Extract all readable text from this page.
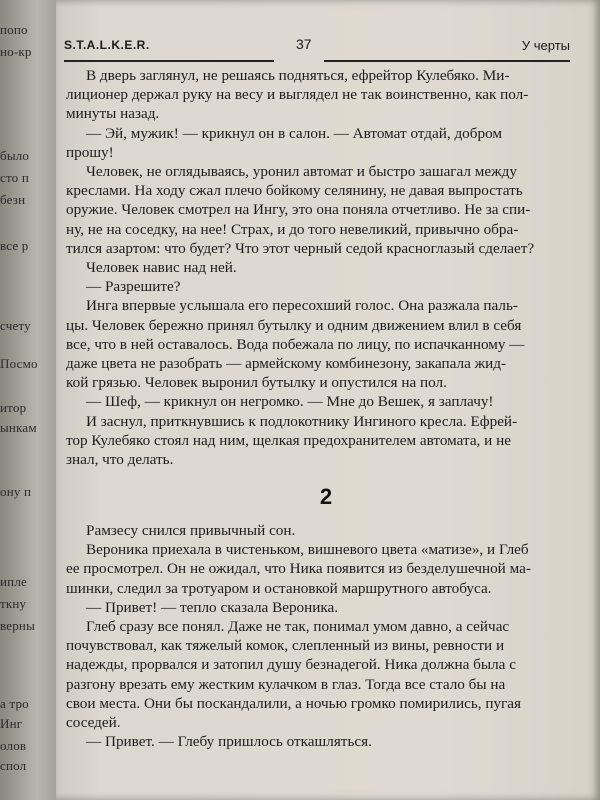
попо
но-кр
было
сто п
безн
все р
счету
Посмо
итор
ынкам
ону п
ипле
ткну
верны
а тро
Инг
олов
спол
S.T.A.L.K.E.R.	37	У черты
В дверь заглянул, не решаясь подняться, ефрейтор Кулебяко. Ми-
лиционер держал руку на весу и выглядел не так воинственно, как пол-
минуты назад.
— Эй, мужик! — крикнул он в салон. — Автомат отдай, добром
прошу!
Человек, не оглядываясь, уронил автомат и быстро зашагал между
креслами. На ходу сжал плечо бойкому селянину, не давая выпростать
оружие. Человек смотрел на Ингу, это она поняла отчетливо. Не за спи-
ну, не на соседку, на нее! Страх, и до того невеликий, привычно обра-
тился азартом: что будет? Что этот черный седой красноглазый сделает?
Человек навис над ней.
— Разрешите?
Инга впервые услышала его пересохший голос. Она разжала паль-
цы. Человек бережно принял бутылку и одним движением влил в себя
все, что в ней оставалось. Вода побежала по лицу, по испачканному —
даже цвета не разобрать — армейскому комбинезону, закапала жид-
кой грязью. Человек выронил бутылку и опустился на пол.
— Шеф, — крикнул он негромко. — Мне до Вешек, я заплачу!
И заснул, приткнувшись к подлокотнику Ингиного кресла. Ефрей-
тор Кулебяко стоял над ним, щелкая предохранителем автомата, и не
знал, что делать.
2
Рамзесу снился привычный сон.
Вероника приехала в чистеньком, вишневого цвета «матизе», и Глеб
ее просмотрел. Он не ожидал, что Ника появится из безделушечной ма-
шинки, следил за тротуаром и остановкой маршрутного автобуса.
— Привет! — тепло сказала Вероника.
Глеб сразу все понял. Даже не так, понимал умом давно, а сейчас
почувствовал, как тяжелый комок, слепленный из вины, ревности и
надежды, прорвался и затопил душу безнадегой. Ника должна была с
разгону врезать ему жестким кулачком в глаз. Тогда все стало бы на
свои места. Они бы поскандалили, а ночью громко помирились, пугая
соседей.
— Привет. — Глебу пришлось откашляться.
